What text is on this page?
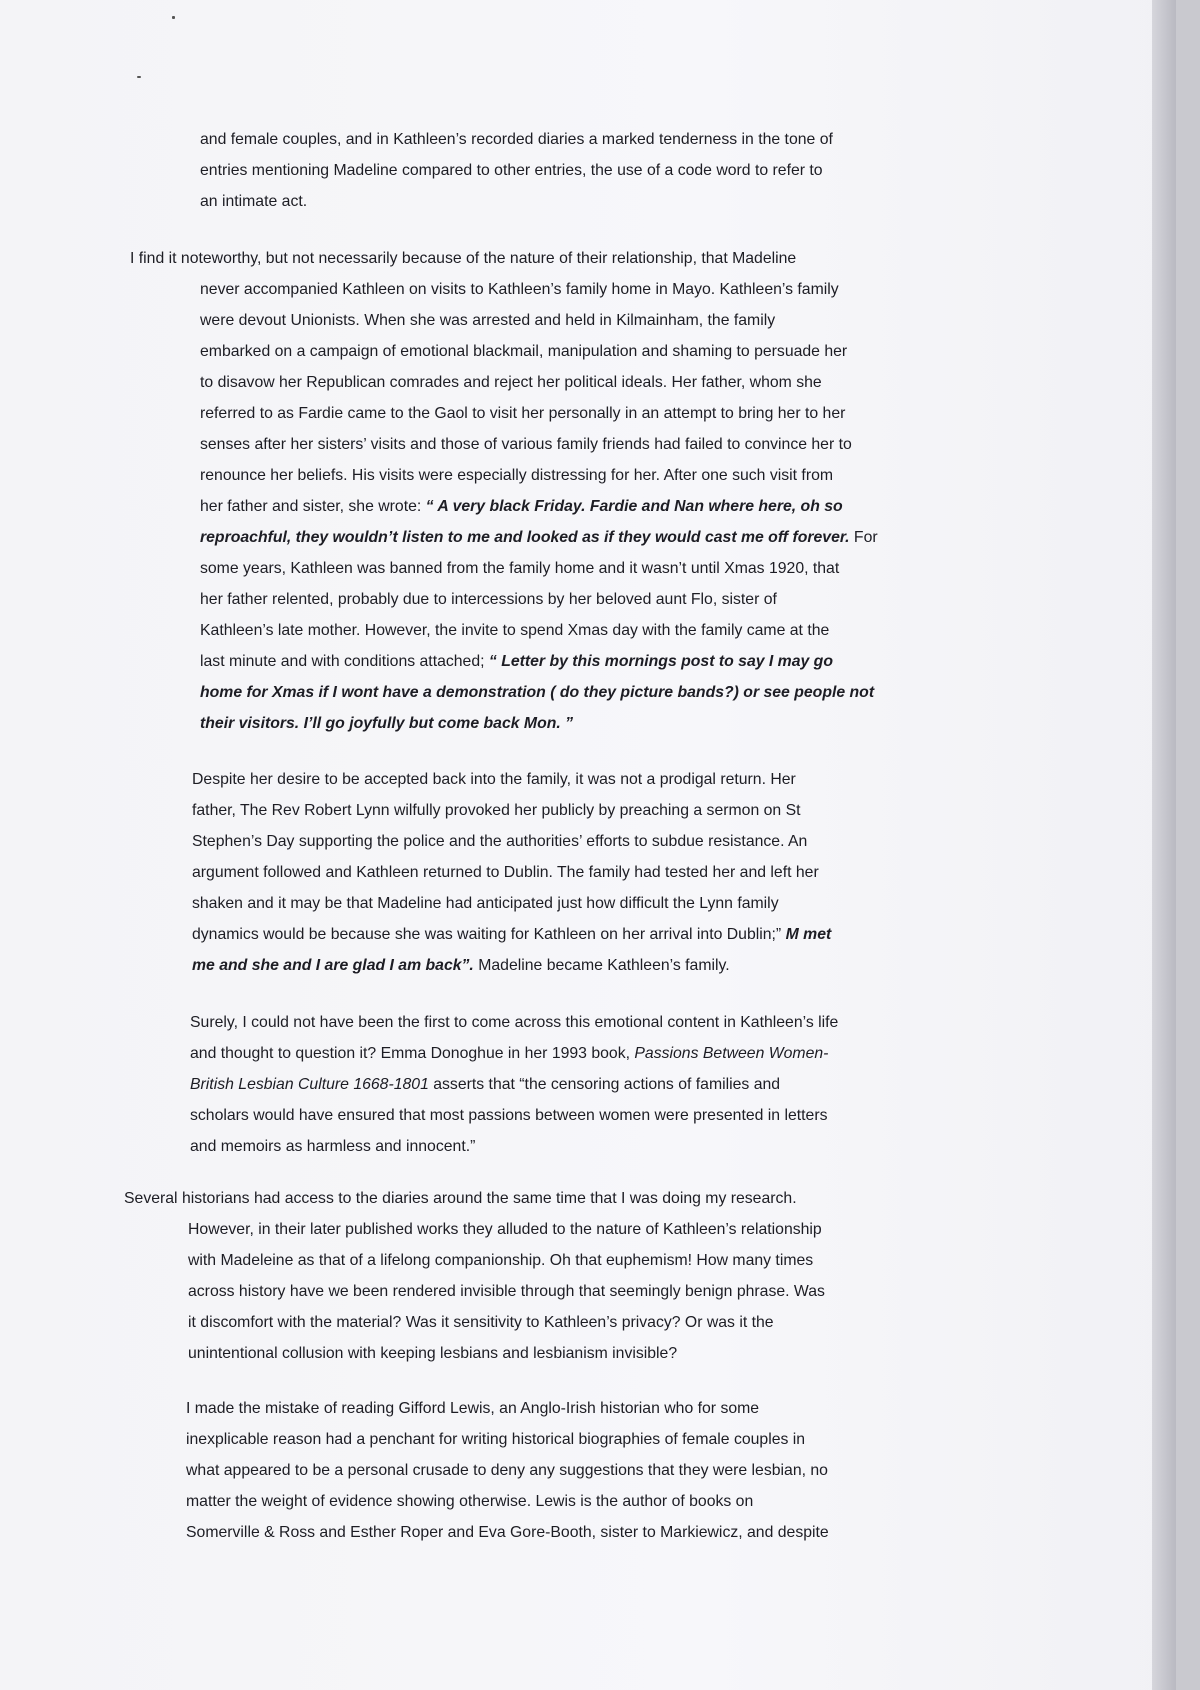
and female couples, and in Kathleen’s recorded diaries a marked tenderness in the tone of
entries mentioning Madeline compared to other entries, the use of a code word to refer to
an intimate act.
I find it noteworthy, but not necessarily because of the nature of their relationship, that Madeline
never accompanied Kathleen on visits to Kathleen’s family home in Mayo. Kathleen’s family
were devout Unionists. When she was arrested and held in Kilmainham, the family
embarked on a campaign of emotional blackmail, manipulation and shaming to persuade her
to disavow her Republican comrades and reject her political ideals. Her father, whom she
referred to as Fardie came to the Gaol to visit her personally in an attempt to bring her to her
senses after her sisters’ visits and those of various family friends had failed to convince her to
renounce her beliefs. His visits were especially distressing for her. After one such visit from
her father and sister, she wrote: “ A very black Friday. Fardie and Nan where here, oh so
reproachful, they wouldn’t listen to me and looked as if they would cast me off forever. For
some years, Kathleen was banned from the family home and it wasn’t until Xmas 1920, that
her father relented, probably due to intercessions by her beloved aunt Flo, sister of
Kathleen’s late mother. However, the invite to spend Xmas day with the family came at the
last minute and with conditions attached; “ Letter by this mornings post to say I may go
home for Xmas if I wont have a demonstration ( do they picture bands?) or see people not
their visitors. I’ll go joyfully but come back Mon. ”
Despite her desire to be accepted back into the family, it was not a prodigal return. Her
father, The Rev Robert Lynn wilfully provoked her publicly by preaching a sermon on St
Stephen’s Day supporting the police and the authorities’ efforts to subdue resistance. An
argument followed and Kathleen returned to Dublin. The family had tested her and left her
shaken and it may be that Madeline had anticipated just how difficult the Lynn family
dynamics would be because she was waiting for Kathleen on her arrival into Dublin;” M met
me and she and I are glad I am back”. Madeline became Kathleen’s family.
Surely, I could not have been the first to come across this emotional content in Kathleen’s life
and thought to question it? Emma Donoghue in her 1993 book, Passions Between Women-
British Lesbian Culture 1668-1801 asserts that “the censoring actions of families and
scholars would have ensured that most passions between women were presented in letters
and memoirs as harmless and innocent.”
Several historians had access to the diaries around the same time that I was doing my research.
However, in their later published works they alluded to the nature of Kathleen’s relationship
with Madeleine as that of a lifelong companionship. Oh that euphemism! How many times
across history have we been rendered invisible through that seemingly benign phrase. Was
it discomfort with the material? Was it sensitivity to Kathleen’s privacy? Or was it the
unintentional collusion with keeping lesbians and lesbianism invisible?
I made the mistake of reading Gifford Lewis, an Anglo-Irish historian who for some
inexplicable reason had a penchant for writing historical biographies of female couples in
what appeared to be a personal crusade to deny any suggestions that they were lesbian, no
matter the weight of evidence showing otherwise. Lewis is the author of books on
Somerville & Ross and Esther Roper and Eva Gore-Booth, sister to Markiewicz, and despite
